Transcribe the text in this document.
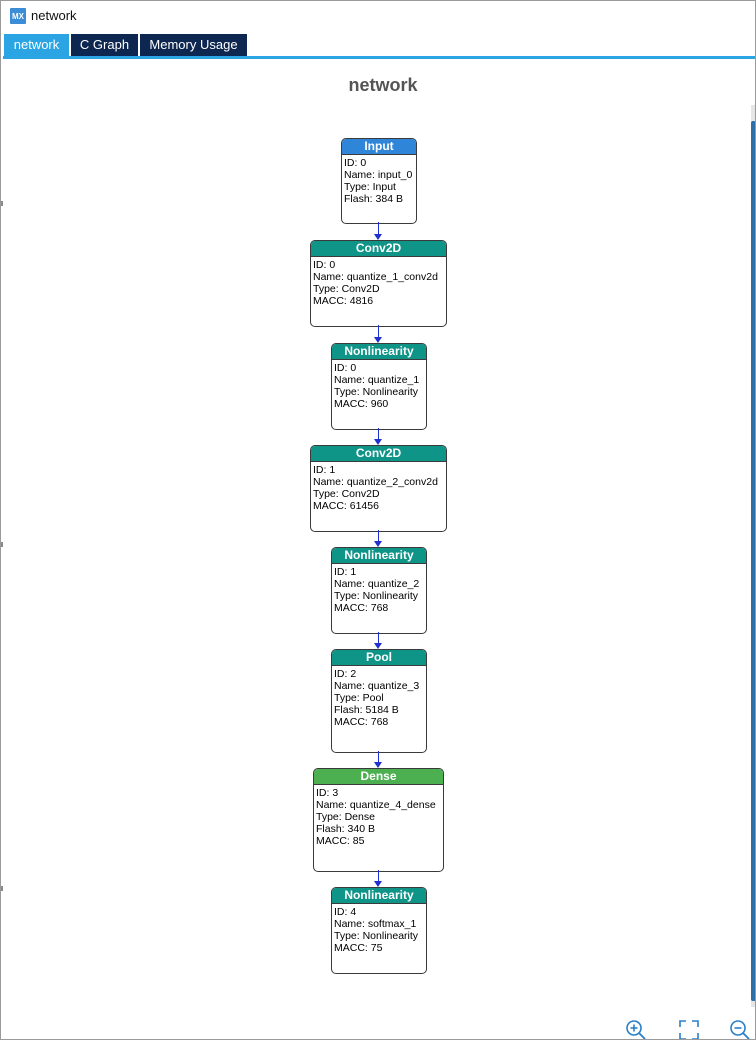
MX network
network	C Graph	Memory Usage
network
Input
ID: 0
Name: input_0
Type: Input
Flash: 384 B
Conv2D
ID: 0
Name: quantize_1_conv2d
Type: Conv2D
MACC: 4816
Nonlinearity
ID: 0
Name: quantize_1
Type: Nonlinearity
MACC: 960
Conv2D
ID: 1
Name: quantize_2_conv2d
Type: Conv2D
MACC: 61456
Nonlinearity
ID: 1
Name: quantize_2
Type: Nonlinearity
MACC: 768
Pool
ID: 2
Name: quantize_3
Type: Pool
Flash: 5184 B
MACC: 768
Dense
ID: 3
Name: quantize_4_dense
Type: Dense
Flash: 340 B
MACC: 85
Nonlinearity
ID: 4
Name: softmax_1
Type: Nonlinearity
MACC: 75
